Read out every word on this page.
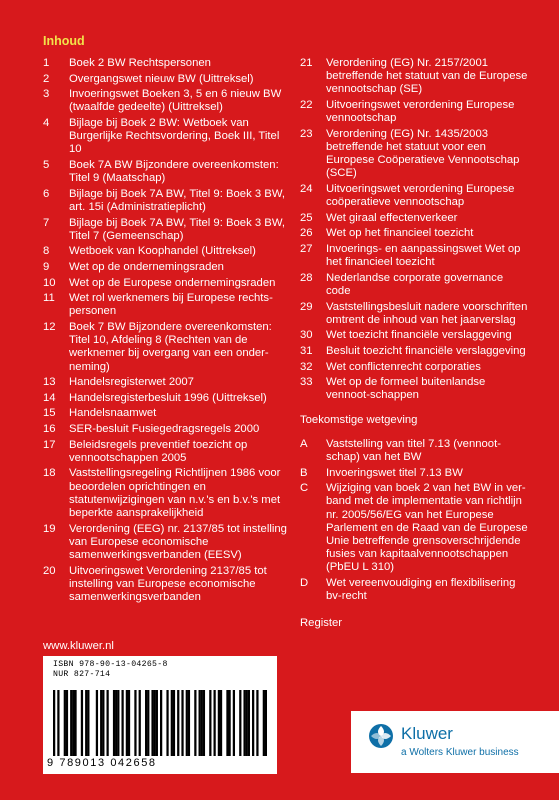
Inhoud
1	Boek 2 BW Rechtspersonen
2	Overgangswet nieuw BW (Uittreksel)
3	Invoeringswet Boeken 3, 5 en 6 nieuw BW (twaalfde gedeelte) (Uittreksel)
4	Bijlage bij Boek 2 BW: Wetboek van Burgerlijke Rechtsvordering, Boek III, Titel 10
5	Boek 7A BW Bijzondere overeenkomsten: Titel 9 (Maatschap)
6	Bijlage bij Boek 7A BW, Titel 9: Boek 3 BW, art. 15i (Administratieplicht)
7	Bijlage bij Boek 7A BW, Titel 9: Boek 3 BW, Titel 7 (Gemeenschap)
8	Wetboek van Koophandel (Uittreksel)
9	Wet op de ondernemingsraden
10	Wet op de Europese ondernemingsraden
11	Wet rol werknemers bij Europese rechts-personen
12	Boek 7 BW Bijzondere overeenkomsten: Titel 10, Afdeling 8 (Rechten van de werknemer bij overgang van een onder-neming)
13	Handelsregisterwet 2007
14	Handelsregisterbesluit 1996 (Uittreksel)
15	Handelsnaamwet
16	SER-besluit Fusiegedragsregels 2000
17	Beleidsregels preventief toezicht op vennootschappen 2005
18	Vaststellingsregeling Richtlijnen 1986 voor beoordelen oprichtingen en statutenwijzigingen van n.v.'s en b.v.'s met beperkte aansprakelijkheid
19	Verordening (EEG) nr. 2137/85 tot instelling van Europese economische samenwerkingsverbanden (EESV)
20	Uitvoeringswet Verordening 2137/85 tot instelling van Europese economische samenwerkingsverbanden
21	Verordening (EG) Nr. 2157/2001 betreffende het statuut van de Europese vennootschap (SE)
22	Uitvoeringswet verordening Europese vennootschap
23	Verordening (EG) Nr. 1435/2003 betreffende het statuut voor een Europese Coöperatieve Vennootschap (SCE)
24	Uitvoeringswet verordening Europese coöperatieve vennootschap
25	Wet giraal effectenverkeer
26	Wet op het financieel toezicht
27	Invoerings- en aanpassingswet Wet op het financieel toezicht
28	Nederlandse corporate governance code
29	Vaststellingsbesluit nadere voorschriften omtrent de inhoud van het jaarverslag
30	Wet toezicht financiële verslaggeving
31	Besluit toezicht financiële verslaggeving
32	Wet conflictenrecht corporaties
33	Wet op de formeel buitenlandse vennoot-schappen
Toekomstige wetgeving
A	Vaststelling van titel 7.13 (vennoot-schap) van het BW
B	Invoeringswet titel 7.13 BW
C	Wijziging van boek 2 van het BW in ver-band met de implementatie van richtlijn nr. 2005/56/EG van het Europese Parlement en de Raad van de Europese Unie betreffende grensoverschrijdende fusies van kapitaalvennootschappen (PbEU L 310)
D	Wet vereenvoudiging en flexibilisering bv-recht
Register
www.kluwer.nl
ISBN 978-90-13-04265-8
NUR 827-714
9 789013 042658
Kluwer
a Wolters Kluwer business
